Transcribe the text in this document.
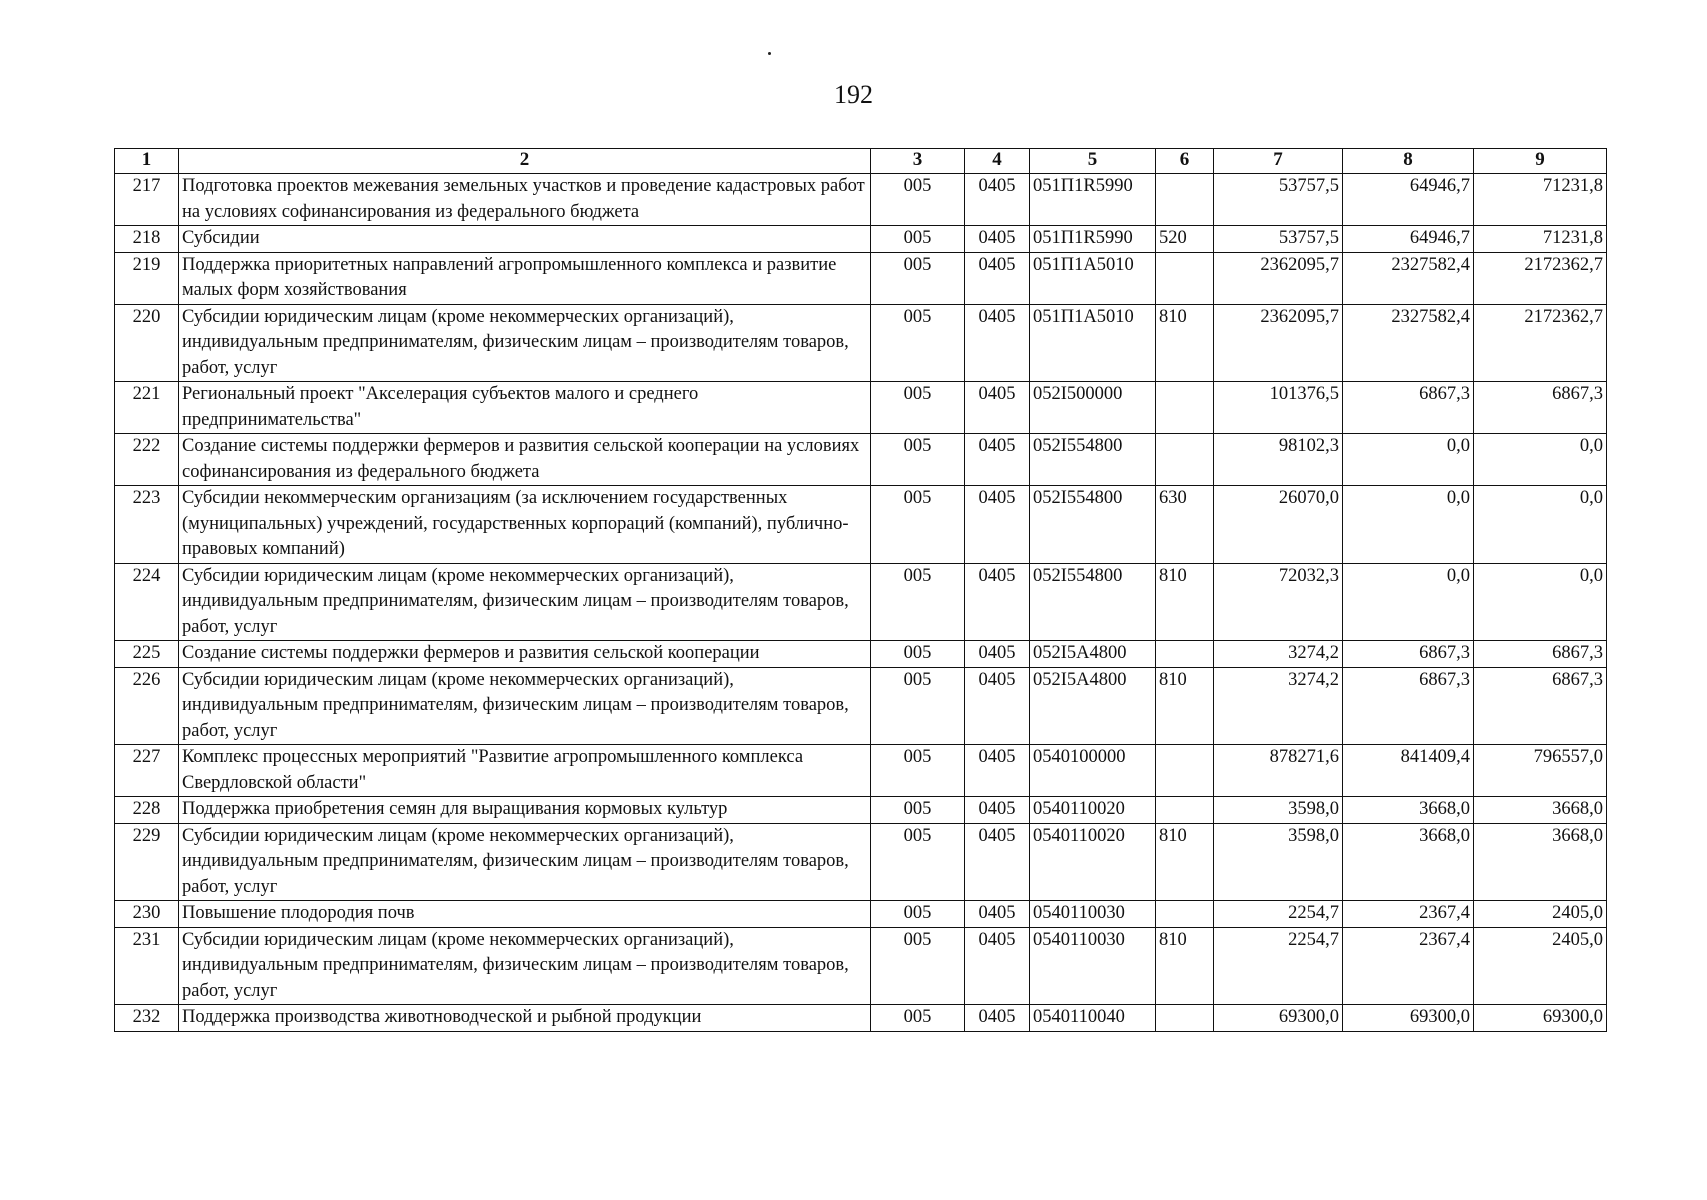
192
1	2	3	4	5	6	7	8	9
217	Подготовка проектов межевания земельных участков и проведение кадастровых работ на условиях софинансирования из федерального бюджета	005	0405	051П1R5990		53757,5	64946,7	71231,8
218	Субсидии	005	0405	051П1R5990	520	53757,5	64946,7	71231,8
219	Поддержка приоритетных направлений агропромышленного комплекса и развитие малых форм хозяйствования	005	0405	051П1А5010		2362095,7	2327582,4	2172362,7
220	Субсидии юридическим лицам (кроме некоммерческих организаций), индивидуальным предпринимателям, физическим лицам – производителям товаров, работ, услуг	005	0405	051П1А5010	810	2362095,7	2327582,4	2172362,7
221	Региональный проект "Акселерация субъектов малого и среднего предпринимательства"	005	0405	052I500000		101376,5	6867,3	6867,3
222	Создание системы поддержки фермеров и развития сельской кооперации на условиях софинансирования из федерального бюджета	005	0405	052I554800		98102,3	0,0	0,0
223	Субсидии некоммерческим организациям (за исключением государственных (муниципальных) учреждений, государственных корпораций (компаний), публично-правовых компаний)	005	0405	052I554800	630	26070,0	0,0	0,0
224	Субсидии юридическим лицам (кроме некоммерческих организаций), индивидуальным предпринимателям, физическим лицам – производителям товаров, работ, услуг	005	0405	052I554800	810	72032,3	0,0	0,0
225	Создание системы поддержки фермеров и развития сельской кооперации	005	0405	052I5A4800		3274,2	6867,3	6867,3
226	Субсидии юридическим лицам (кроме некоммерческих организаций), индивидуальным предпринимателям, физическим лицам – производителям товаров, работ, услуг	005	0405	052I5A4800	810	3274,2	6867,3	6867,3
227	Комплекс процессных мероприятий "Развитие агропромышленного комплекса Свердловской области"	005	0405	0540100000		878271,6	841409,4	796557,0
228	Поддержка приобретения семян для выращивания кормовых культур	005	0405	0540110020		3598,0	3668,0	3668,0
229	Субсидии юридическим лицам (кроме некоммерческих организаций), индивидуальным предпринимателям, физическим лицам – производителям товаров, работ, услуг	005	0405	0540110020	810	3598,0	3668,0	3668,0
230	Повышение плодородия почв	005	0405	0540110030		2254,7	2367,4	2405,0
231	Субсидии юридическим лицам (кроме некоммерческих организаций), индивидуальным предпринимателям, физическим лицам – производителям товаров, работ, услуг	005	0405	0540110030	810	2254,7	2367,4	2405,0
232	Поддержка производства животноводческой и рыбной продукции	005	0405	0540110040		69300,0	69300,0	69300,0
